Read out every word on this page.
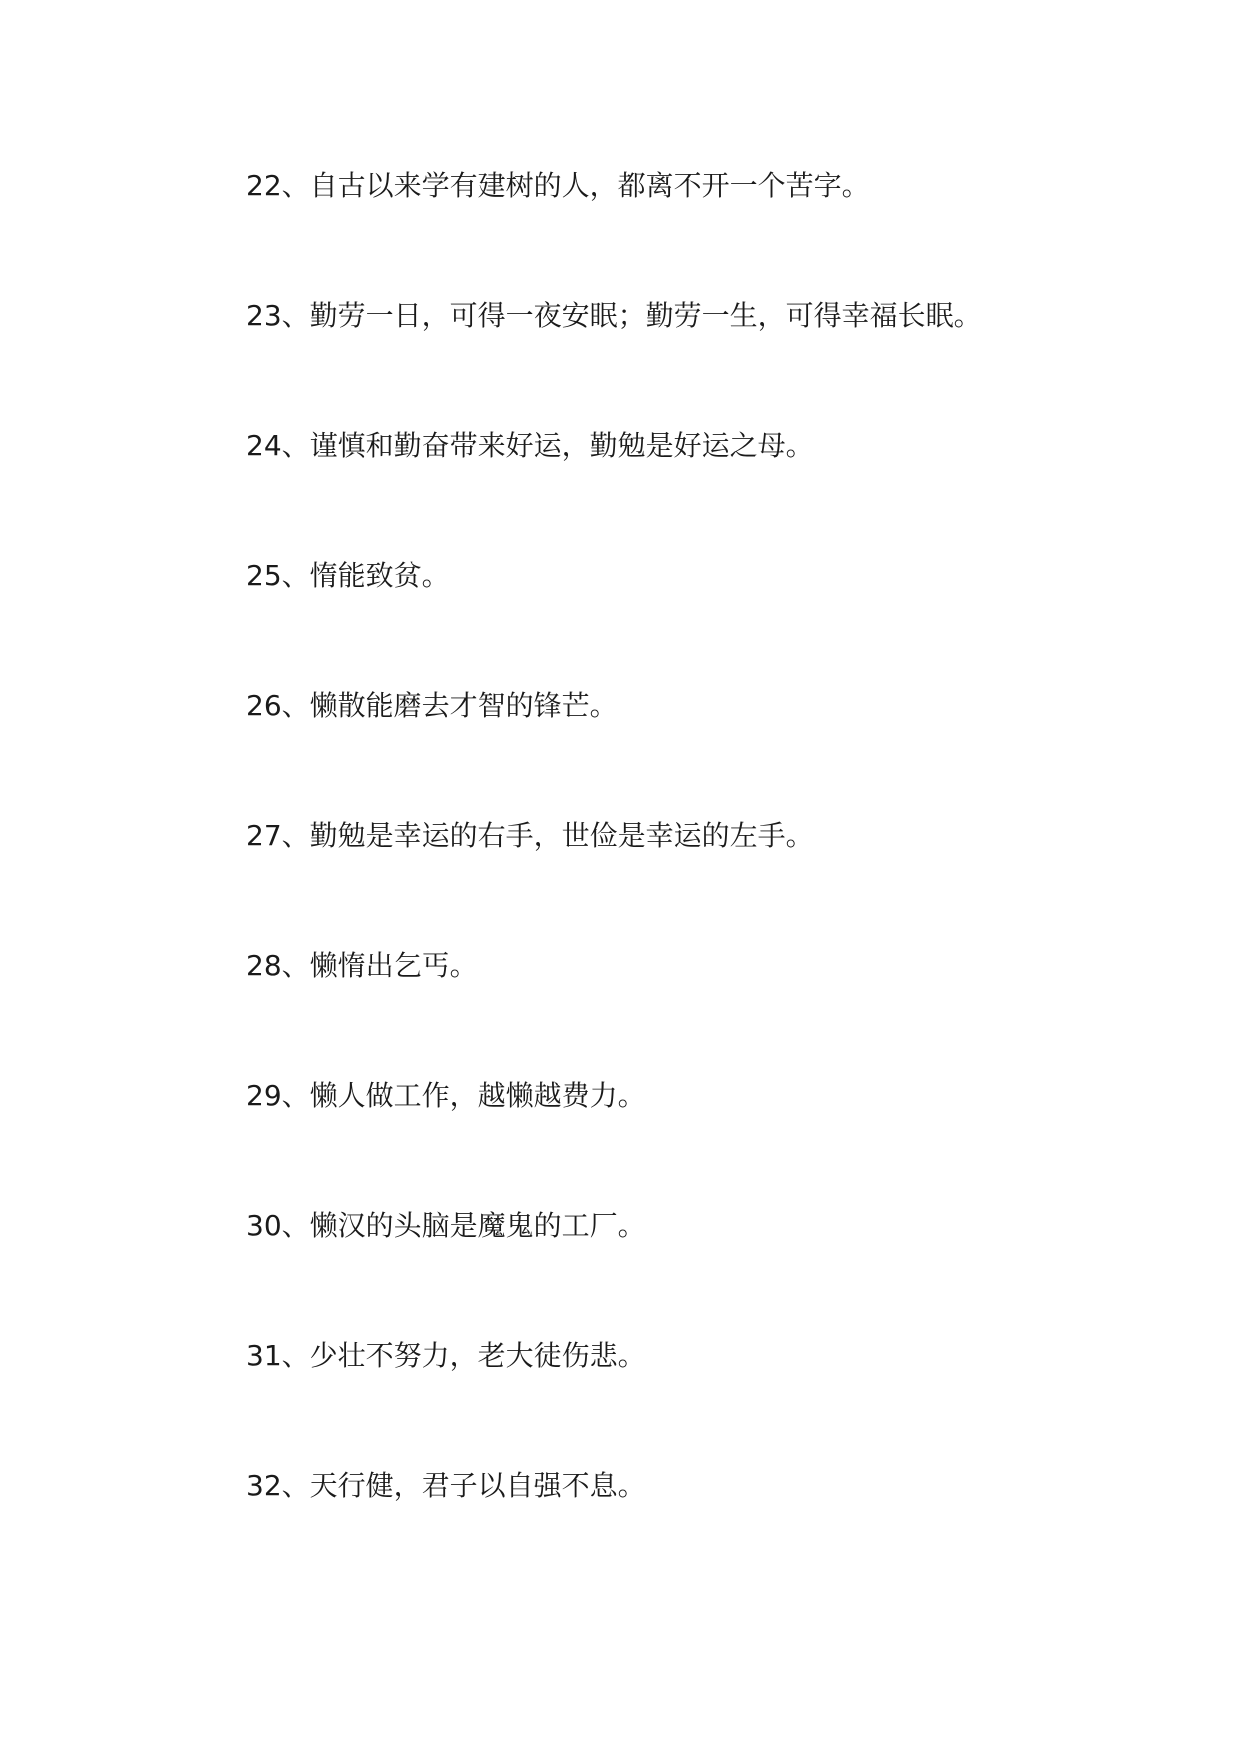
22、自古以来学有建树的人，都离不开一个苦字。
23、勤劳一日，可得一夜安眠；勤劳一生，可得幸福长眠。
24、谨慎和勤奋带来好运，勤勉是好运之母。
25、惰能致贫。
26、懒散能磨去才智的锋芒。
27、勤勉是幸运的右手，世俭是幸运的左手。
28、懒惰出乞丐。
29、懒人做工作，越懒越费力。
30、懒汉的头脑是魔鬼的工厂。
31、少壮不努力，老大徒伤悲。
32、天行健，君子以自强不息。
